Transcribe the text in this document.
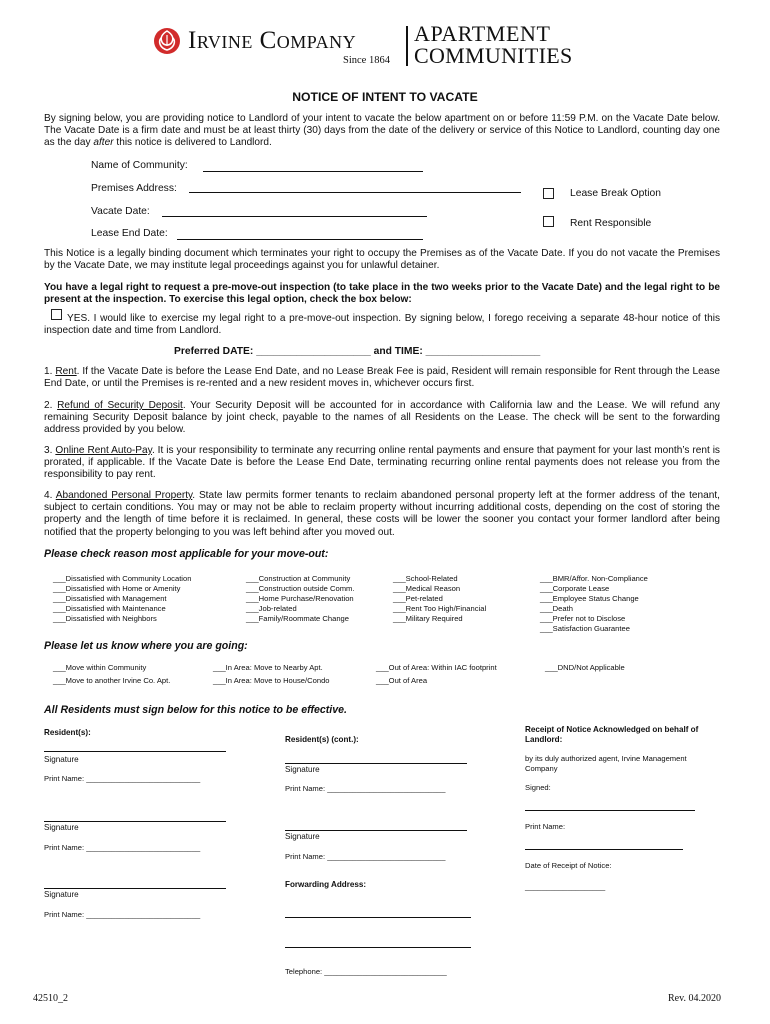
Irvine Company
Since 1864
APARTMENT
COMMUNITIES
NOTICE OF INTENT TO VACATE
By signing below, you are providing notice to Landlord of your intent to vacate the below apartment on or before 11:59 P.M. on the Vacate Date below. The Vacate Date is a firm date and must be at least thirty (30) days from the date of the delivery or service of this Notice to Landlord, counting day one as the day after this notice is delivered to Landlord.
Name of Community:
Premises Address:	Lease Break Option
Vacate Date:
Rent Responsible
Lease End Date:
This Notice is a legally binding document which terminates your right to occupy the Premises as of the Vacate Date. If you do not vacate the Premises by the Vacate Date, we may institute legal proceedings against you for unlawful detainer.
You have a legal right to request a pre-move-out inspection (to take place in the two weeks prior to the Vacate Date) and the legal right to be present at the inspection. To exercise this legal option, check the box below:
YES. I would like to exercise my legal right to a pre-move-out inspection. By signing below, I forego receiving a separate 48-hour notice of this inspection date and time from Landlord.
Preferred DATE: ____________________ and TIME: ____________________
1. Rent. If the Vacate Date is before the Lease End Date, and no Lease Break Fee is paid, Resident will remain responsible for Rent through the Lease End Date, or until the Premises is re-rented and a new resident moves in, whichever occurs first.
2. Refund of Security Deposit. Your Security Deposit will be accounted for in accordance with California law and the Lease. We will refund any remaining Security Deposit balance by joint check, payable to the names of all Residents on the Lease. The check will be sent to the forwarding address provided by you below.
3. Online Rent Auto-Pay. It is your responsibility to terminate any recurring online rental payments and ensure that payment for your last month’s rent is prorated, if applicable. If the Vacate Date is before the Lease End Date, terminating recurring online rental payments does not release you from the responsibility to pay rent.
4. Abandoned Personal Property. State law permits former tenants to reclaim abandoned personal property left at the former address of the tenant, subject to certain conditions. You may or may not be able to reclaim property without incurring additional costs, depending on the cost of storing the property and the length of time before it is reclaimed. In general, these costs will be lower the sooner you contact your former landlord after being notified that the property belonging to you was left behind after you moved out.
Please check reason most applicable for your move-out:
___Dissatisfied with Community Location
___Dissatisfied with Home or Amenity
___Dissatisfied with Management
___Dissatisfied with Maintenance
___Dissatisfied with Neighbors
___Construction at Community
___Construction outside Comm.
___Home Purchase/Renovation
___Job-related
___Family/Roommate Change
___School-Related
___Medical Reason
___Pet-related
___Rent Too High/Financial
___Military Required
___BMR/Affor. Non-Compliance
___Corporate Lease
___Employee Status Change
___Death
___Prefer not to Disclose
___Satisfaction Guarantee
Please let us know where you are going:
___Move within Community
___Move to another Irvine Co. Apt.
___In Area: Move to Nearby Apt.
___In Area: Move to House/Condo
___Out of Area: Within IAC footprint
___Out of Area
___DND/Not Applicable
All Residents must sign below for this notice to be effective.
Resident(s):
Signature
Print Name: ___________________________
Signature
Print Name: ___________________________
Signature
Print Name: ___________________________
Resident(s) (cont.):
Signature
Print Name: ____________________________
Signature
Print Name: ____________________________
Forwarding Address:
Telephone: _____________________________
Receipt of Notice Acknowledged on behalf of Landlord:
by its duly authorized agent, Irvine Management Company
Signed:
Print Name:
Date of Receipt of Notice:
___________________
42510_2	Rev. 04.2020
